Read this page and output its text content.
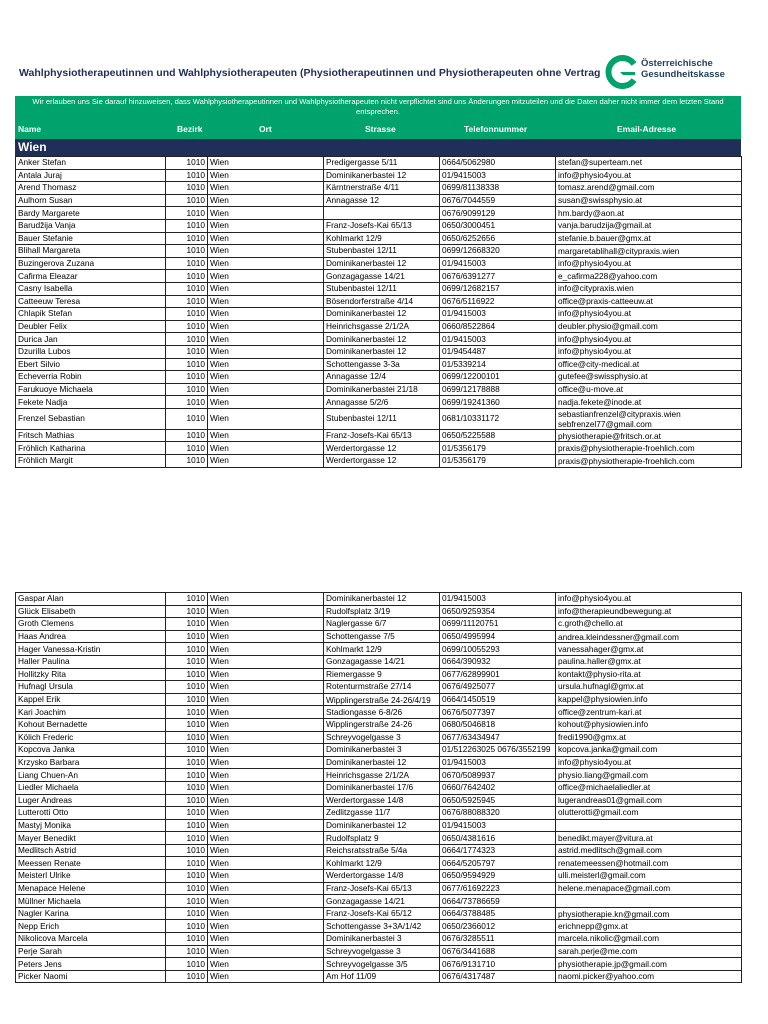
Wahlphysiotherapeutinnen und Wahlphysiotherapeuten (Physiotherapeutinnen und Physiotherapeuten ohne Vertrag
Österreichische
Gesundheitskasse
Wir erlauben uns Sie darauf hinzuweisen, dass Wahlphysiotherapeutinnen und Wahlphysiotherapeuten nicht verpflichtet sind uns Änderungen mitzuteilen und die Daten daher nicht immer dem letzten Stand entsprechen.
Name	Bezirk	Ort	Strasse	Telefonnummer	Email-Adresse
Wien
Anker Stefan	1010	Wien	Predigergasse 5/11	0664/5062980	stefan@superteam.net
Antala Juraj	1010	Wien	Dominikanerbastei 12	01/9415003	info@physio4you.at
Arend Thomasz	1010	Wien	Kärntnerstraße 4/11	0699/81138338	tomasz.arend@gmail.com
Aulhorn Susan	1010	Wien	Annagasse 12	0676/7044559	susan@swissphysio.at
Bardy Margarete	1010	Wien		0676/9099129	hm.bardy@aon.at
Barudžija Vanja	1010	Wien	Franz-Josefs-Kai 65/13	0650/3000451	vanja.barudzija@gmail.at
Bauer Stefanie	1010	Wien	Kohlmarkt 12/9	0650/6252656	stefanie.b.bauer@gmx.at
Blihall Margareta	1010	Wien	Stubenbastei 12/11	0699/12668320	margaretablihall@citypraxis.wien
Buzingerova Zuzana	1010	Wien	Dominikanerbastei 12	01/9415003	info@physio4you.at
Cafirma Eleazar	1010	Wien	Gonzagagasse 14/21	0676/6391277	e_cafirma228@yahoo.com
Casny Isabella	1010	Wien	Stubenbastei 12/11	0699/12682157	info@citypraxis.wien
Catteeuw Teresa	1010	Wien	Bösendorferstraße 4/14	0676/5116922	office@praxis-catteeuw.at
Chlapik Stefan	1010	Wien	Dominikanerbastei 12	01/9415003	info@physio4you.at
Deubler Felix	1010	Wien	Heinrichsgasse 2/1/2A	0660/8522864	deubler.physio@gmail.com
Durica Jan	1010	Wien	Dominikanerbastei 12	01/9415003	info@physio4you.at
Dzurilla Lubos	1010	Wien	Dominikanerbastei 12	01/9454487	info@physio4you.at
Ebert Silvio	1010	Wien	Schottengasse 3-3a	01/5339214	office@city-medical.at
Echeverria Robin	1010	Wien	Annagasse 12/4	0699/12200101	gutefee@swissphysio.at
Farukuoye Michaela	1010	Wien	Dominikanerbastei 21/18	0699/12178888	office@u-move.at
Fekete Nadja	1010	Wien	Annagasse 5/2/6	0699/19241360	nadja.fekete@inode.at
Frenzel Sebastian	1010	Wien	Stubenbastei 12/11	0681/10331172	sebastianfrenzel@citypraxis.wien sebfrenzel77@gmail.com
Fritsch Mathias	1010	Wien	Franz-Josefs-Kai 65/13	0650/5225588	physiotherapie@fritsch.or.at
Fröhlich Katharina	1010	Wien	Werdertorgasse 12	01/5356179	praxis@physiotherapie-froehlich.com
Fröhlich Margit	1010	Wien	Werdertorgasse 12	01/5356179	praxis@physiotherapie-froehlich.com
Gaspar Alan	1010	Wien	Dominikanerbastei 12	01/9415003	info@physio4you.at
Glück Elisabeth	1010	Wien	Rudolfsplatz 3/19	0650/9259354	info@therapieundbewegung.at
Groth Clemens	1010	Wien	Naglergasse 6/7	0699/11120751	c.groth@chello.at
Haas Andrea	1010	Wien	Schottengasse 7/5	0650/4995994	andrea.kleindessner@gmail.com
Hager Vanessa-Kristin	1010	Wien	Kohlmarkt 12/9	0699/10055293	vanessahager@gmx.at
Haller Paulina	1010	Wien	Gonzagagasse 14/21	0664/390932	paulina.haller@gmx.at
Hollitzky Rita	1010	Wien	Riemergasse 9	0677/62899901	kontakt@physio-rita.at
Hufnagl Ursula	1010	Wien	Rotenturmstraße 27/14	0676/4925077	ursula.hufnagl@gmx.at
Kappel Erik	1010	Wien	Wipplingerstraße 24-26/4/19	0664/1450519	kappel@physiowien.info
Kari Joachim	1010	Wien	Stadiongasse 6-8/26	0676/5077397	office@zentrum-kari.at
Kohout Bernadette	1010	Wien	Wipplingerstraße 24-26	0680/5046818	kohout@physiowien.info
Kölich Frederic	1010	Wien	Schreyvogelgasse 3	0677/63434947	fredi1990@gmx.at
Kopcova Janka	1010	Wien	Dominikanerbastei 3	01/512263025 0676/3552199	kopcova.janka@gmail.com
Krzysko Barbara	1010	Wien	Dominikanerbastei 12	01/9415003	info@physio4you.at
Liang Chuen-An	1010	Wien	Heinrichsgasse 2/1/2A	0670/5089937	physio.liang@gmail.com
Liedler Michaela	1010	Wien	Dominikanerbastei 17/6	0660/7642402	office@michaelaliedler.at
Luger Andreas	1010	Wien	Werdertorgasse 14/8	0650/5925945	lugerandreas01@gmail.com
Lutterotti Otto	1010	Wien	Zedlitzgasse 11/7	0676/88088320	olutterotti@gmail.com
Mastyj Monika	1010	Wien	Dominikanerbastei 12	01/9415003	
Mayer Benedikt	1010	Wien	Rudolfsplatz 9	0650/4381616	benedikt.mayer@vitura.at
Medlitsch Astrid	1010	Wien	Reichsratsstraße 5/4a	0664/1774323	astrid.medlitsch@gmail.com
Meessen Renate	1010	Wien	Kohlmarkt 12/9	0664/5205797	renatemeessen@hotmail.com
Meisterl Ulrike	1010	Wien	Werdertorgasse 14/8	0650/9594929	ulli.meisterl@gmail.com
Menapace Helene	1010	Wien	Franz-Josefs-Kai 65/13	0677/61692223	helene.menapace@gmail.com
Müllner Michaela	1010	Wien	Gonzagagasse 14/21	0664/73786659	
Nagler Karina	1010	Wien	Franz-Josefs-Kai 65/12	0664/3788485	physiotherapie.kn@gmail.com
Nepp Erich	1010	Wien	Schottengasse 3+3A/1/42	0650/2366012	erichnepp@gmx.at
Nikolicova Marcela	1010	Wien	Dominikanerbastei 3	0676/3285511	marcela.nikolic@gmail.com
Perje Sarah	1010	Wien	Schreyvogelgasse 3	0676/3441688	sarah.perje@me.com
Peters Jens	1010	Wien	Schreyvogelgasse 3/5	0676/9131710	physiotherapie.jp@gmail.com
Picker Naomi	1010	Wien	Am Hof 11/09	0676/4317487	naomi.picker@yahoo.com
